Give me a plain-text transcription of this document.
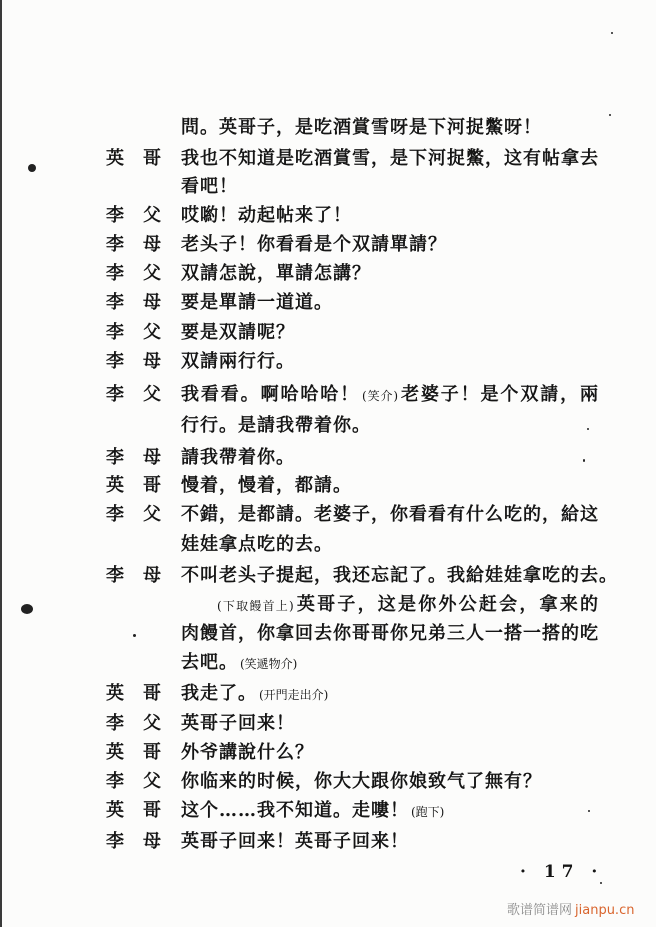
問。英哥子，是吃酒賞雪呀是下河捉鱉呀！
英 哥 我也不知道是吃酒賞雪，是下河捉鱉，这有帖拿去
看吧！
李 父 哎喲！动起帖来了！
李 母 老头子！你看看是个双請單請？
李 父 双請怎說，單請怎講？
李 母 要是單請一道道。
李 父 要是双請呢？
李 母 双請兩行行。
李 父 我看看。啊哈哈哈！ (笑介) 老婆子！是个双請，兩
行行。是請我帶着你。
李 母 請我帶着你。
英 哥 慢着，慢着，都請。
李 父 不錯，是都請。老婆子，你看看有什么吃的，給这
娃娃拿点吃的去。
李 母 不叫老头子提起，我还忘記了。我給娃娃拿吃的去。
(下取饅首上) 英哥子，这是你外公赶会，拿来的
肉饅首，你拿回去你哥哥你兄弟三人一搭一搭的吃
去吧。 (笑遞物介)
英 哥 我走了。 (开門走出介)
李 父 英哥子回来！
英 哥 外爷講說什么？
李 父 你临来的时候，你大大跟你娘致气了無有？
英 哥 这个……我不知道。走嘍！ (跑下)
李 母 英哥子回来！英哥子回来！
· 17 ·
歌谱简谱网 jianpu.cn
